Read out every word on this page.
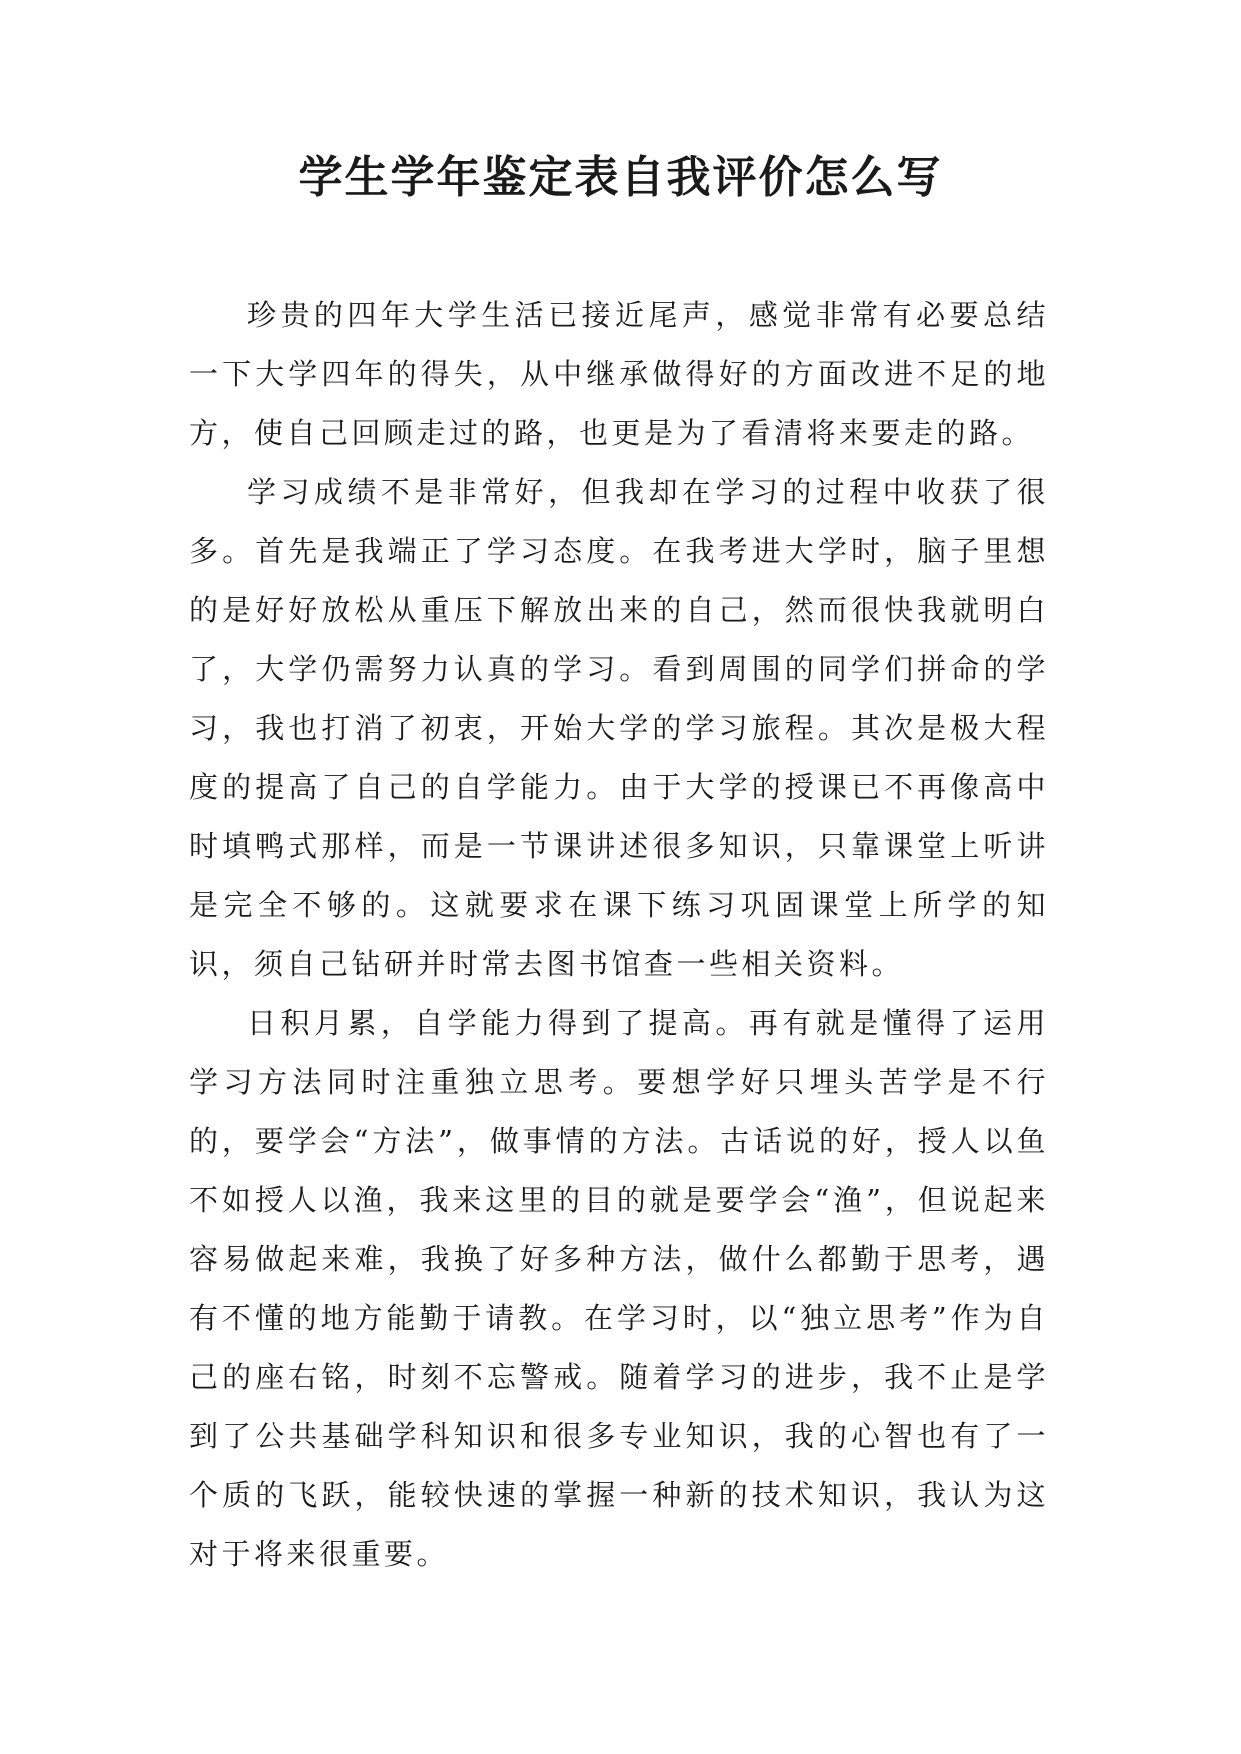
学生学年鉴定表自我评价怎么写

珍贵的四年大学生活已接近尾声，感觉非常有必要总结一下大学四年的得失，从中继承做得好的方面改进不足的地方，使自己回顾走过的路，也更是为了看清将来要走的路。

学习成绩不是非常好，但我却在学习的过程中收获了很多。首先是我端正了学习态度。在我考进大学时，脑子里想的是好好放松从重压下解放出来的自己，然而很快我就明白了，大学仍需努力认真的学习。看到周围的同学们拼命的学习，我也打消了初衷，开始大学的学习旅程。其次是极大程度的提高了自己的自学能力。由于大学的授课已不再像高中时填鸭式那样，而是一节课讲述很多知识，只靠课堂上听讲是完全不够的。这就要求在课下练习巩固课堂上所学的知识，须自己钻研并时常去图书馆查一些相关资料。

日积月累，自学能力得到了提高。再有就是懂得了运用学习方法同时注重独立思考。要想学好只埋头苦学是不行的，要学会“方法”，做事情的方法。古话说的好，授人以鱼不如授人以渔，我来这里的目的就是要学会“渔”，但说起来容易做起来难，我换了好多种方法，做什么都勤于思考，遇有不懂的地方能勤于请教。在学习时，以“独立思考”作为自己的座右铭，时刻不忘警戒。随着学习的进步，我不止是学到了公共基础学科知识和很多专业知识，我的心智也有了一个质的飞跃，能较快速的掌握一种新的技术知识，我认为这对于将来很重要。
